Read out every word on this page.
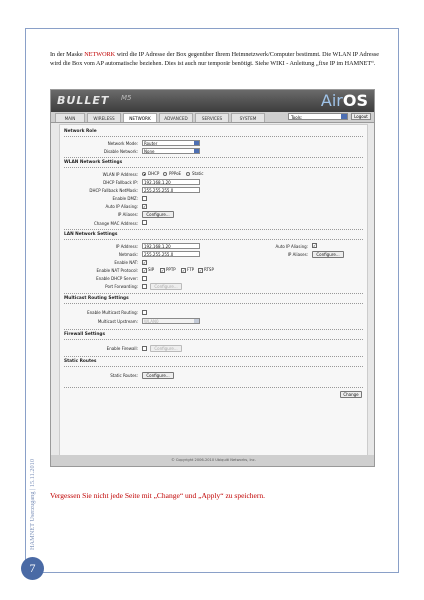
In der Maske NETWORK wird die IP Adresse der Box gegenüber Ihrem Heimnetzwerk/Computer bestimmt. Die WLAN IP Adresse wird die Box vom AP automatische beziehen. Dies ist auch nur temporär benötigt. Siehe WIKI - Anleitung „fixe IP im HAMNET“.

BULLET M5	AirOS
MAIN	WIRELESS	NETWORK	ADVANCED	SERVICES	SYSTEM	Tools:	Logout
Network Role
Network Mode:	Router
Disable Network:	None
WLAN Network Settings
WLAN IP Address:	DHCP PPPoE	Static
DHCP Fallback IP:	192.168.1.20
DHCP Fallback NetMask:	255.255.255.0
Enable DMZ:
Auto IP Aliasing: ✓
IP Aliases:	Configure...
Change MAC Address:
LAN Network Settings
IP Address:	192.168.1.20	Auto IP Aliasing: ✓
Netmask:	255.255.255.0	IP Aliases:	Configure...
Enable NAT: ✓
Enable NAT Protocol: ✓ SIP ✓ PPTP ✓ FTP ✓ RTSP
Enable DHCP Server:
Port Forwarding:	Configure...
Multicast Routing Settings
Enable Multicast Routing:
Multicast Upstream:	WLAN0
Firewall Settings
Enable Firewall:	Configure...
Static Routes
Static Routes:	Configure...
Change
© Copyright 2006-2010 Ubiquiti Networks, Inc.
Vergessen Sie nicht jede Seite mit „Change“ und „Apply“ zu speichern.
HAMNET Userzugang | 15.11.2010
7
